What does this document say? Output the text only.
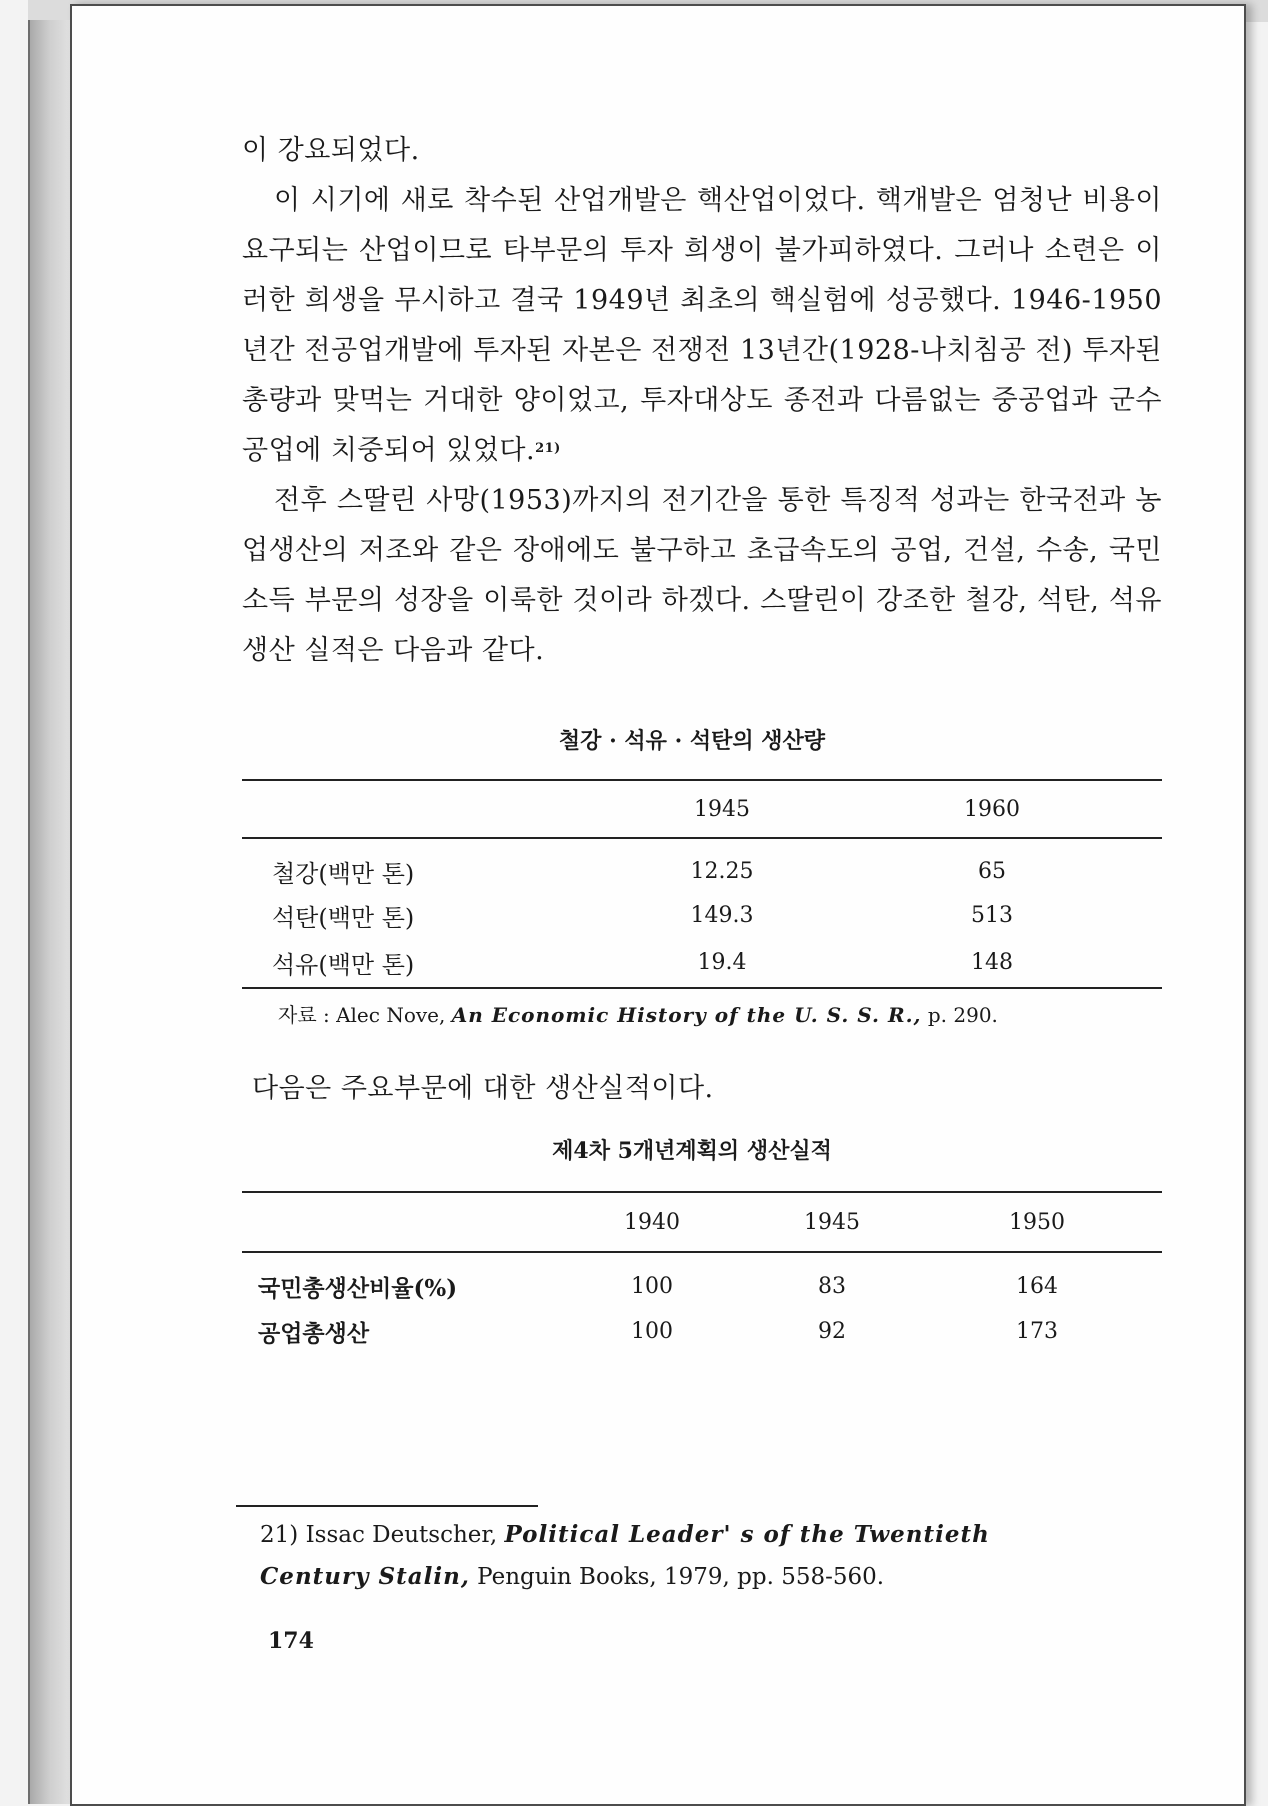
이 강요되었다.

이 시기에 새로 착수된 산업개발은 핵산업이었다. 핵개발은 엄청난 비용이 요구되는 산업이므로 타부문의 투자 희생이 불가피하였다. 그러나 소련은 이러한 희생을 무시하고 결국 1949년 최초의 핵실험에 성공했다. 1946-1950년간 전공업개발에 투자된 자본은 전쟁전 13년간(1928-나치침공 전) 투자된 총량과 맞먹는 거대한 양이었고, 투자대상도 종전과 다름없는 중공업과 군수공업에 치중되어 있었다.$^{21)}$

전후 스딸린 사망(1953)까지의 전기간을 통한 특징적 성과는 한국전과 농업생산의 저조와 같은 장애에도 불구하고 초급속도의 공업, 건설, 수송, 국민소득 부문의 성장을 이룩한 것이라 하겠다. 스딸린이 강조한 철강, 석탄, 석유생산 실적은 다음과 같다.

철강 · 석유 · 석탄의 생산량

	1945	1960
철강(백만 톤)	12.25	65
석탄(백만 톤)	149.3	513
석유(백만 톤)	19.4	148

자료 : Alec Nove, An Economic History of the U. S. S. R., p. 290.

다음은 주요부문에 대한 생산실적이다.

제4차 5개년계획의 생산실적

	1940	1945	1950
국민총생산비율(%)	100	83	164
공업총생산	100	92	173
21) Issac Deutscher, Political Leader' s of the Twentieth Century Stalin, Penguin Books, 1979, pp. 558-560.
174
